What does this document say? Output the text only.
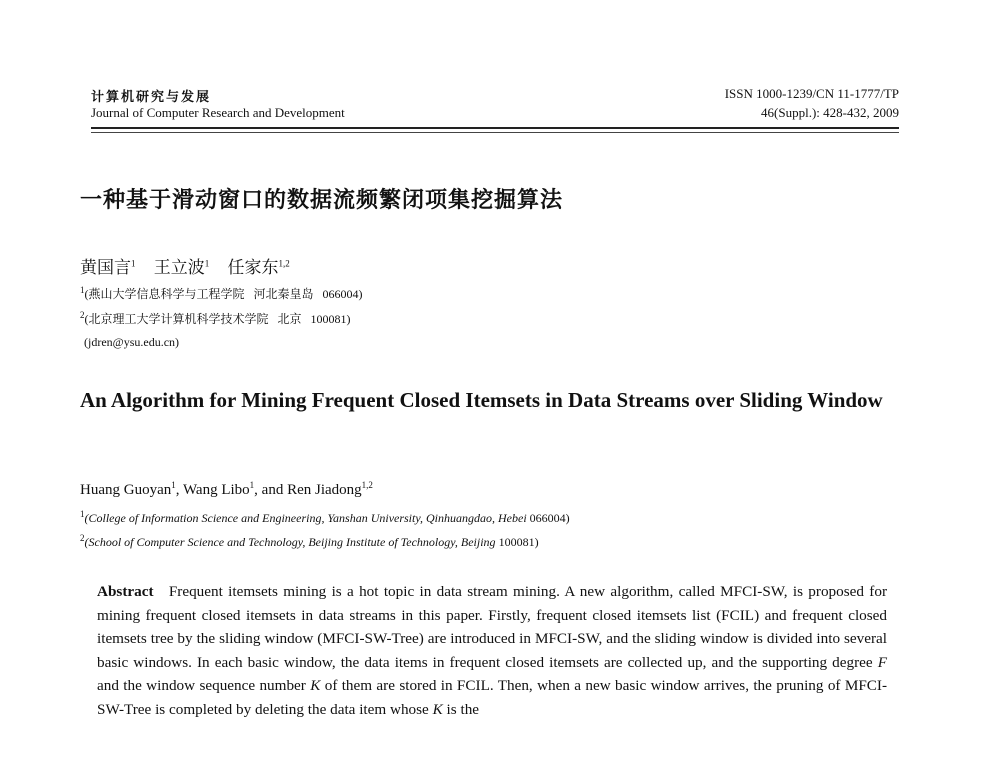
计算机研究与发展
Journal of Computer Research and Development
ISSN 1000-1239/CN 11-1777/TP
46(Suppl.): 428-432, 2009
一种基于滑动窗口的数据流频繁闭项集挖掘算法
黄国言$^1$ 王立波$^1$ 任家东$^{1,2}$
$^1$(燕山大学信息科学与工程学院   河北秦皇岛   066004)
$^2$(北京理工大学计算机科学技术学院   北京   100081)
(jdren@ysu.edu.cn)
An Algorithm for Mining Frequent Closed Itemsets in Data Streams over Sliding Window
Huang Guoyan$^1$, Wang Libo$^1$, and Ren Jiadong$^{1,2}$
$^1$(College of Information Science and Engineering, Yanshan University, Qinhuangdao, Hebei 066004)
$^2$(School of Computer Science and Technology, Beijing Institute of Technology, Beijing 100081)
Abstract Frequent itemsets mining is a hot topic in data stream mining. A new algorithm, called MFCI-SW, is proposed for mining frequent closed itemsets in data streams in this paper. Firstly, frequent closed itemsets list (FCIL) and frequent closed itemsets tree by the sliding window (MFCI-SW-Tree) are introduced in MFCI-SW, and the sliding window is divided into several basic windows. In each basic window, the data items in frequent closed itemsets are collected up, and the supporting degree F and the window sequence number K of them are stored in FCIL. Then, when a new basic window arrives, the pruning of MFCI-SW-Tree is completed by deleting the data item whose K is the
